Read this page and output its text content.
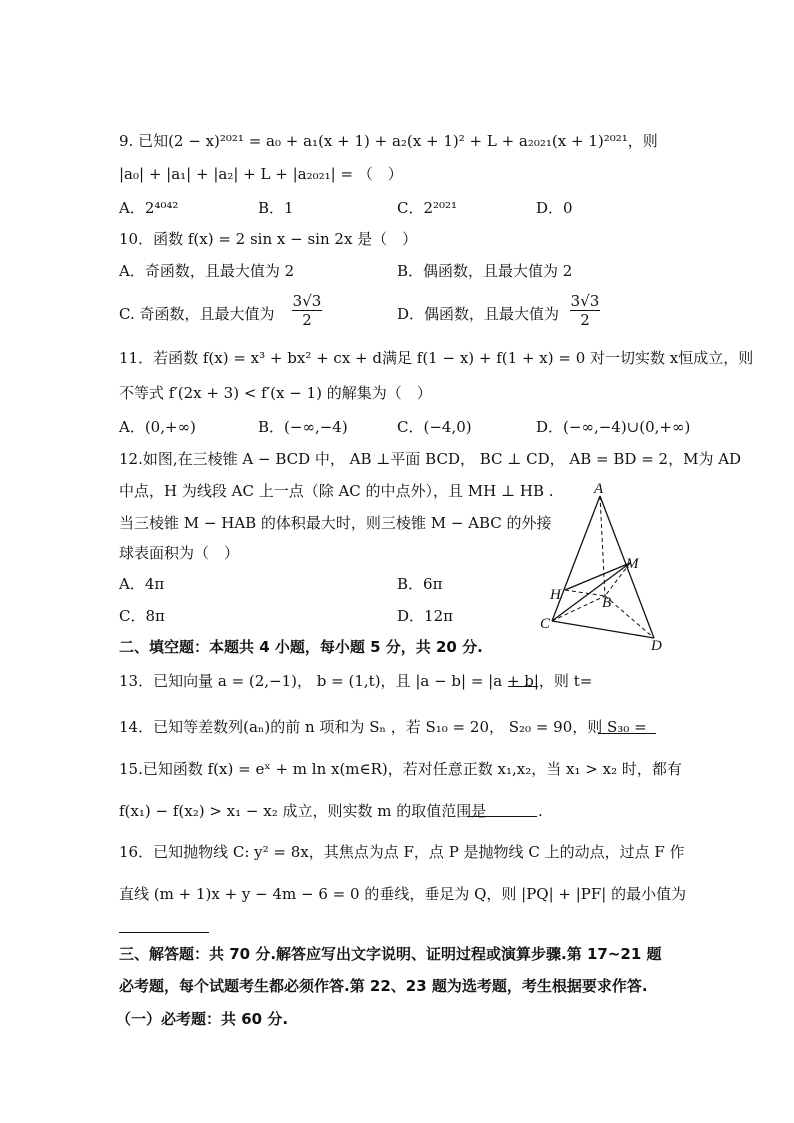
9. 已知(2 − x)²⁰²¹ = a₀ + a₁(x + 1) + a₂(x + 1)² + L + a₂₀₂₁(x + 1)²⁰²¹，则
|a₀| + |a₁| + |a₂| + L + |a₂₀₂₁| = （　）
A．2⁴⁰⁴²	B．1	C．2²⁰²¹	D．0
10．函数 f(x) = 2 sin x − sin 2x 是（　）
A．奇函数，且最大值为 2	B．偶函数，且最大值为 2
C. 奇函数，且最大值为 $\frac{3√3}{2}$	D．偶函数，且最大值为 $\frac{3√3}{2}$
11．若函数 f(x) = x³ + bx² + cx + d满足 f(1 − x) + f(1 + x) = 0 对一切实数 x恒成立，则
不等式 f′(2x + 3) < f′(x − 1) 的解集为（　）
A．(0,+∞)	B．(−∞,−4)	C．(−4,0)	D．(−∞,−4)∪(0,+∞)
12.如图,在三棱锥 A − BCD 中， AB ⊥平面 BCD， BC ⊥ CD， AB = BD = 2，M为 AD
中点，H 为线段 AC 上一点（除 AC 的中点外），且 MH ⊥ HB .
当三棱锥 M − HAB 的体积最大时，则三棱锥 M − ABC 的外接
球表面积为（　）
A．4π	B．6π
C．8π	D．12π
A
M
H	B
C
D
二、填空题：本题共 4 小题，每小题 5 分，共 20 分.
13．已知向量 a = (2,−1)， b = (1,t)，且 |a − b| = |a + b|，则 t=
14．已知等差数列(aₙ)的前 n 项和为 Sₙ ，若 S₁₀ = 20， S₂₀ = 90，则 S₃₀ =
15.已知函数 f(x) = eˣ + m ln x(m∈R)，若对任意正数 x₁,x₂，当 x₁ > x₂ 时，都有
f(x₁) − f(x₂) > x₁ − x₂ 成立，则实数 m 的取值范围是	.
16．已知抛物线 C: y² = 8x，其焦点为点 F，点 P 是抛物线 C 上的动点，过点 F 作
直线 (m + 1)x + y − 4m − 6 = 0 的垂线，垂足为 Q，则 |PQ| + |PF| 的最小值为
三、解答题：共 70 分.解答应写出文字说明、证明过程或演算步骤.第 17~21 题
必考题，每个试题考生都必须作答.第 22、23 题为选考题，考生根据要求作答.
（一）必考题：共 60 分.
